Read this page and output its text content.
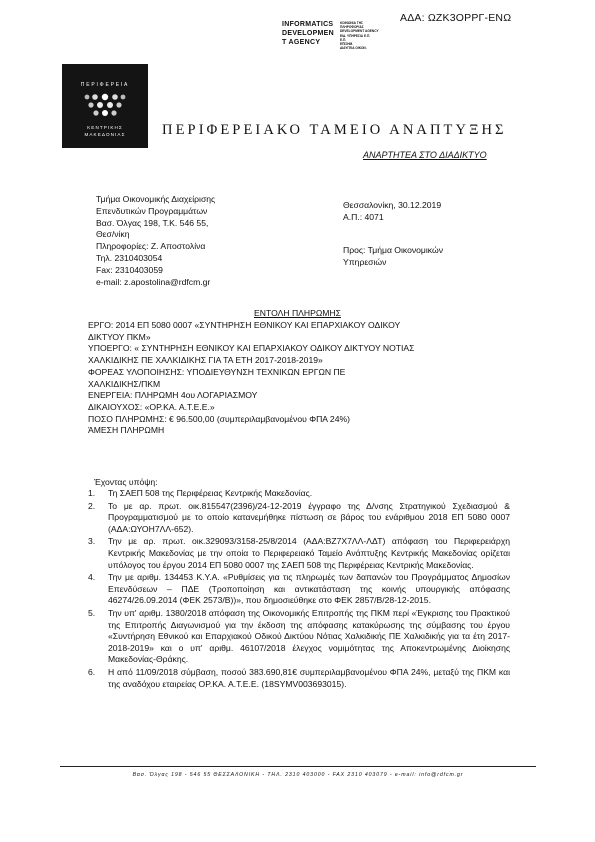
ΑΔΑ: ΩΖΚ3ΟΡΡΓ-ΕΝΩ
INFORMATICS
DEVELOPMEN
T AGENCY
ΚΟΙΝΩΝΙΑ ΤΗΣ
ΠΛΗΡΟΦΟΡΙΑΣ
DEVELOPMENT AGENCY
ΕΙΔ. ΥΠΗΡΕΣΙΑ Ε.Π.
Ε.Π.
ΕΠΙΣΗΜ.
ΔΙΑΥΓΕΙΑ ΟΙΚΟΝ.
ΠΕΡΙΦΕΡΕΙΑ
ΚΕΝΤΡΙΚΗΣ
ΜΑΚΕΔΟΝΙΑΣ	ΠΕΡΙΦΕΡΕΙΑΚΟ ΤΑΜΕΙΟ ΑΝΑΠΤΥΞΗΣ
ΑΝΑΡΤΗΤΕΑ ΣΤΟ ΔΙΑΔΙΚΤΥΟ
Τμήμα Οικονομικής Διαχείρισης
Επενδυτικών Προγραμμάτων
Βασ. Όλγας 198, Τ.Κ. 546 55,
Θεσ/νίκη
Πληροφορίες: Ζ. Αποστολίνα
Τηλ. 2310403054
Fax: 2310403059
e-mail: z.apostolina@rdfcm.gr
Θεσσαλονίκη, 30.12.2019
Α.Π.: 4071
Προς: Τμήμα Οικονομικών
Υπηρεσιών
ΕΝΤΟΛΗ ΠΛΗΡΩΜΗΣ
ΕΡΓΟ: 2014 ΕΠ 5080 0007 «ΣΥΝΤΗΡΗΣΗ ΕΘΝΙΚΟΥ ΚΑΙ ΕΠΑΡΧΙΑΚΟΥ ΟΔΙΚΟΥ
ΔΙΚΤΥΟΥ ΠΚΜ»
ΥΠΟΕΡΓΟ: « ΣΥΝΤΗΡΗΣΗ ΕΘΝΙΚΟΥ ΚΑΙ ΕΠΑΡΧΙΑΚΟΥ ΟΔΙΚΟΥ ΔΙΚΤΥΟΥ ΝΟΤΙΑΣ
ΧΑΛΚΙΔΙΚΗΣ ΠΕ ΧΑΛΚΙΔΙΚΗΣ ΓΙΑ ΤΑ ΕΤΗ 2017-2018-2019»
ΦΟΡΕΑΣ ΥΛΟΠΟΙΗΣΗΣ: ΥΠΟΔΙΕΥΘΥΝΣΗ ΤΕΧΝΙΚΩΝ ΕΡΓΩΝ ΠΕ
ΧΑΛΚΙΔΙΚΗΣ/ΠΚΜ
ΕΝΕΡΓΕΙΑ: ΠΛΗΡΩΜΗ 4ου ΛΟΓΑΡΙΑΣΜΟΥ
ΔΙΚΑΙΟΥΧΟΣ: «ΟΡ.ΚΑ. Α.Τ.Ε.Ε.»
ΠΟΣΟ ΠΛΗΡΩΜΗΣ: € 96.500,00 (συμπεριλαμβανομένου ΦΠΑ 24%)
ΆΜΕΣΗ ΠΛΗΡΩΜΗ
Έχοντας υπόψη:
1. Τη ΣΑΕΠ 508 της Περιφέρειας Κεντρικής Μακεδονίας.
2. Το με αρ. πρωτ. οικ.815547(2396)/24-12-2019 έγγραφο της Δ/νσης Στρατηγικού Σχεδιασμού & Προγραμματισμού με το οποίο κατανεμήθηκε πίστωση σε βάρος του ενάριθμου 2018 ΕΠ 5080 0007 (ΑΔΑ:ΩΥΟΗ7ΛΛ-652).
3. Την με αρ. πρωτ. οικ.329093/3158-25/8/2014 (ΑΔΑ:ΒΖ7Χ7ΛΛ-ΛΔΤ) απόφαση του Περιφερειάρχη Κεντρικής Μακεδονίας με την οποία το Περιφερειακό Ταμείο Ανάπτυξης Κεντρικής Μακεδονίας ορίζεται υπόλογος του έργου 2014 ΕΠ 5080 0007 της ΣΑΕΠ 508 της Περιφέρειας Κεντρικής Μακεδονίας.
4. Την με αριθμ. 134453 Κ.Υ.Α. «Ρυθμίσεις για τις πληρωμές των δαπανών του Προγράμματος Δημοσίων Επενδύσεων – ΠΔΕ (Τροποποίηση και αντικατάσταση της κοινής υπουργικής απόφασης 46274/26.09.2014 (ΦΕΚ 2573/Β))», που δημοσιεύθηκε στο ΦΕΚ 2857/Β/28-12-2015.
5. Την υπ' αριθμ. 1380/2018 απόφαση της Οικονομικής Επιτροπής της ΠΚΜ περί «Έγκρισης του Πρακτικού της Επιτροπής Διαγωνισμού για την έκδοση της απόφασης κατακύρωσης της σύμβασης του έργου «Συντήρηση Εθνικού και Επαρχιακού Οδικού Δικτύου Νότιας Χαλκιδικής ΠΕ Χαλκιδικής για τα έτη 2017-2018-2019» και ο υπ' αριθμ. 46107/2018 έλεγχος νομιμότητας της Αποκεντρωμένης Διοίκησης Μακεδονίας-Θράκης.
6. Η από 11/09/2018 σύμβαση, ποσού 383.690,81€ συμπεριλαμβανομένου ΦΠΑ 24%, μεταξύ της ΠΚΜ και της αναδόχου εταιρείας ΟΡ.ΚΑ. Α.Τ.Ε.Ε. (18SYMV003693015).
Βασ. Όλγας 198 - 546 55 ΘΕΣΣΑΛΟΝΙΚΗ - ΤΗΛ. 2310 403000 - FAX 2310 403079 - e-mail: info@rdfcm.gr
